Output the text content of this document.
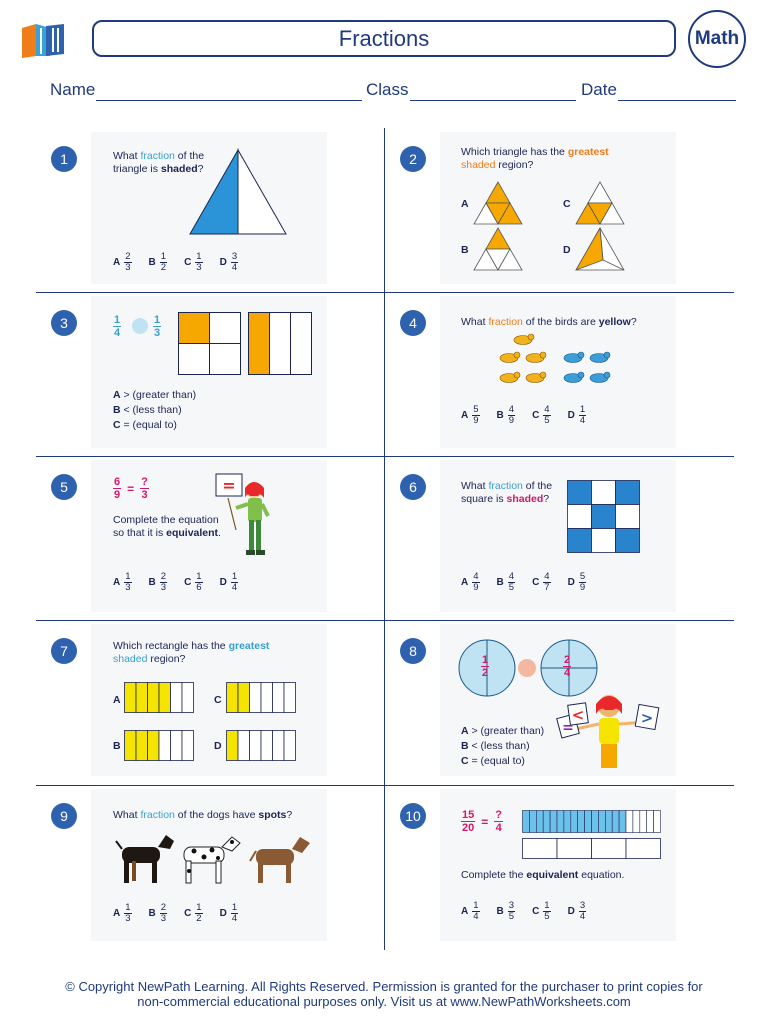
Fractions	Math
Name	Class	Date
1	What fraction of the
triangle is shaded?
A $\frac{2}{3}$ B $\frac{1}{2}$ C $\frac{1}{3}$ D $\frac{3}{4}$
2	Which triangle has the greatest
shaded region?
A	C
B	D
3	$\frac{1}{4}$	$\frac{1}{3}$
A > (greater than)
B < (less than)
C = (equal to)
4	What fraction of the birds are yellow?
A $\frac{5}{9}$ B $\frac{4}{9}$ C $\frac{4}{5}$ D $\frac{1}{4}$
5	$\frac{6}{9} = \frac{?}{3}$
Complete the equation
so that it is equivalent.
=
A $\frac{1}{3}$ B $\frac{2}{3}$ C $\frac{1}{6}$ D $\frac{1}{4}$
6	What fraction of the
square is shaded?
A $\frac{4}{9}$ B $\frac{4}{5}$ C $\frac{4}{7}$ D $\frac{5}{9}$
7	Which rectangle has the greatest
shaded region?
A	C
B	D
8
$\frac{1}{2}$	$\frac{2}{4}$
=
<	>
A > (greater than)
B < (less than)
C = (equal to)
9	What fraction of the dogs have spots?
A $\frac{1}{3}$ B $\frac{2}{3}$ C $\frac{1}{2}$ D $\frac{1}{4}$
10	$\frac{15}{20} = \frac{?}{4}$
Complete the equivalent equation.
A $\frac{1}{4}$ B $\frac{3}{5}$ C $\frac{1}{5}$ D $\frac{3}{4}$
© Copyright NewPath Learning. All Rights Reserved. Permission is granted for the purchaser to print copies for
non-commercial educational purposes only. Visit us at www.NewPathWorksheets.com
